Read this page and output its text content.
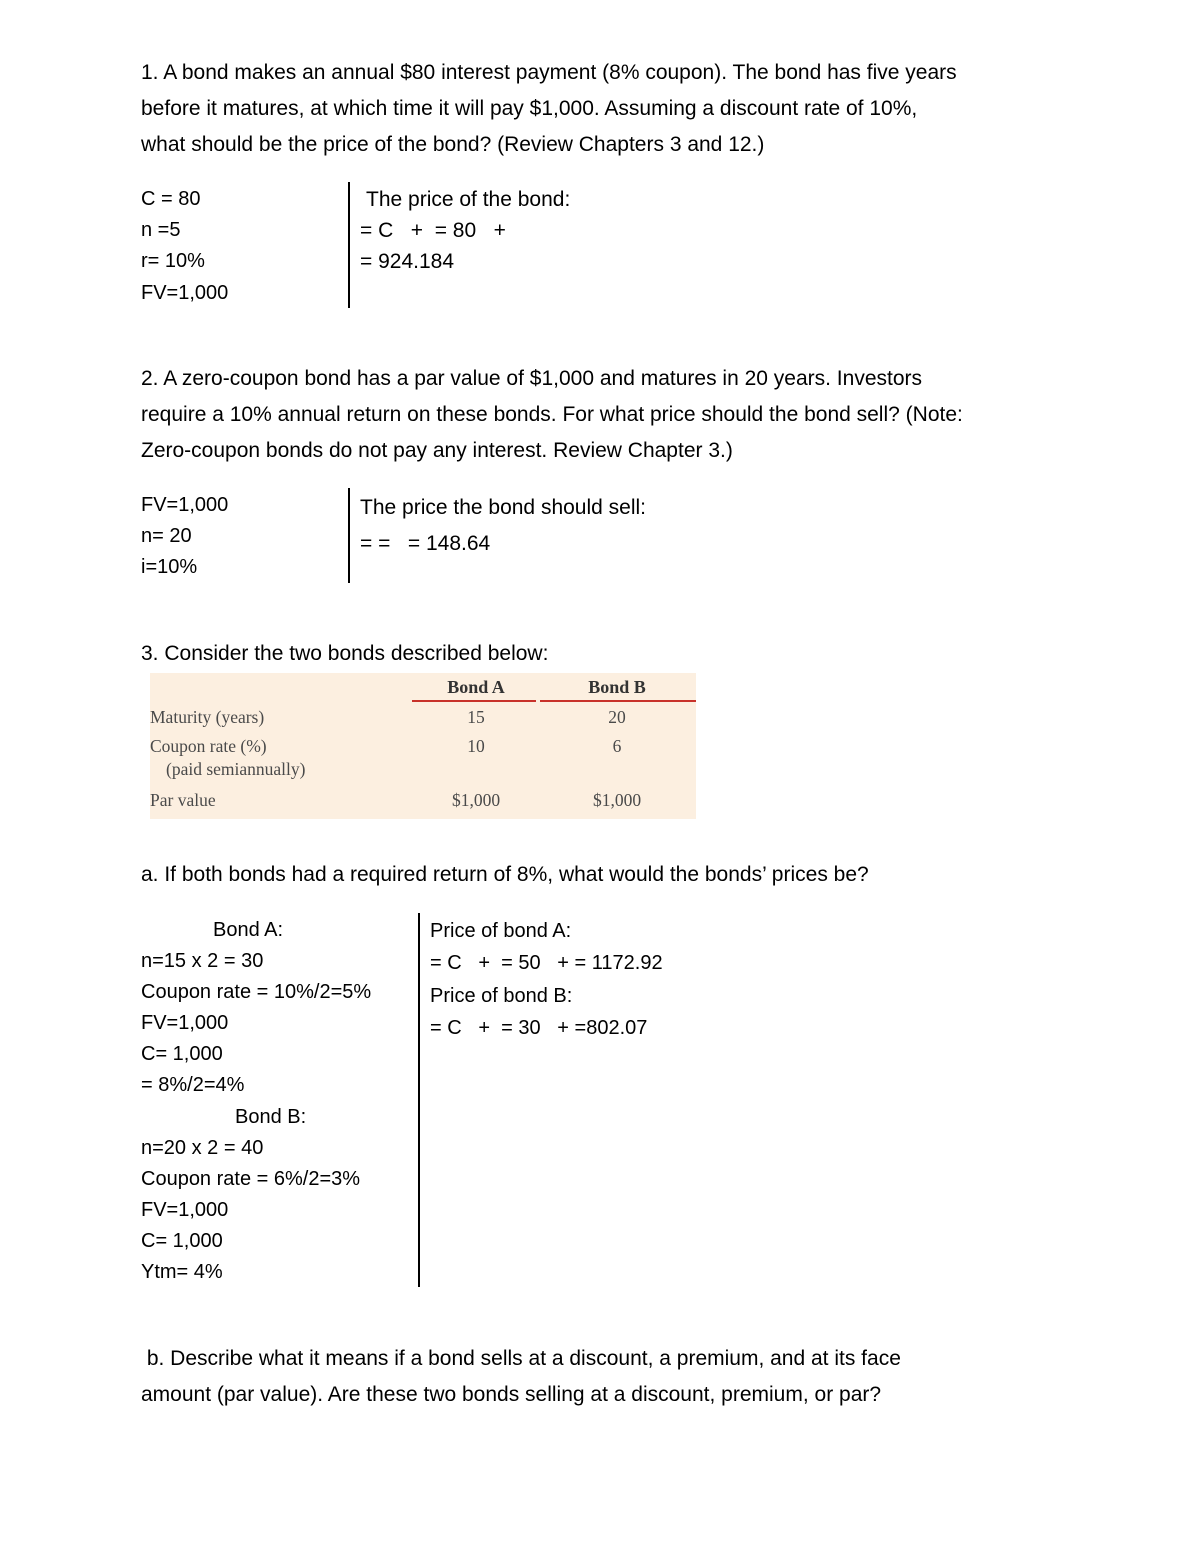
1. A bond makes an annual $80 interest payment (8% coupon). The bond has five years
before it matures, at which time it will pay $1,000. Assuming a discount rate of 10%,
what should be the price of the bond? (Review Chapters 3 and 12.)
C = 80
n =5
r= 10%
FV=1,000
The price of the bond:
= C   +  = 80   +
= 924.184
2. A zero-coupon bond has a par value of $1,000 and matures in 20 years. Investors
require a 10% annual return on these bonds. For what price should the bond sell? (Note:
Zero-coupon bonds do not pay any interest. Review Chapter 3.)
FV=1,000
n= 20
i=10%
The price the bond should sell:
= =   = 148.64
3. Consider the two bonds described below:
Bond A	Bond B
Maturity (years)	15	20
Coupon rate (%)
(paid semiannually)
10	6
Par value	$1,000	$1,000
a. If both bonds had a required return of 8%, what would the bonds’ prices be?
Bond A:
n=15 x 2 = 30
Coupon rate = 10%/2=5%
FV=1,000
C= 1,000
= 8%/2=4%
Bond B:
n=20 x 2 = 40
Coupon rate = 6%/2=3%
FV=1,000
C= 1,000
Ytm= 4%
Price of bond A:
= C   +  = 50   + = 1172.92
Price of bond B:
= C   +  = 30   + =802.07
b. Describe what it means if a bond sells at a discount, a premium, and at its face
amount (par value). Are these two bonds selling at a discount, premium, or par?
